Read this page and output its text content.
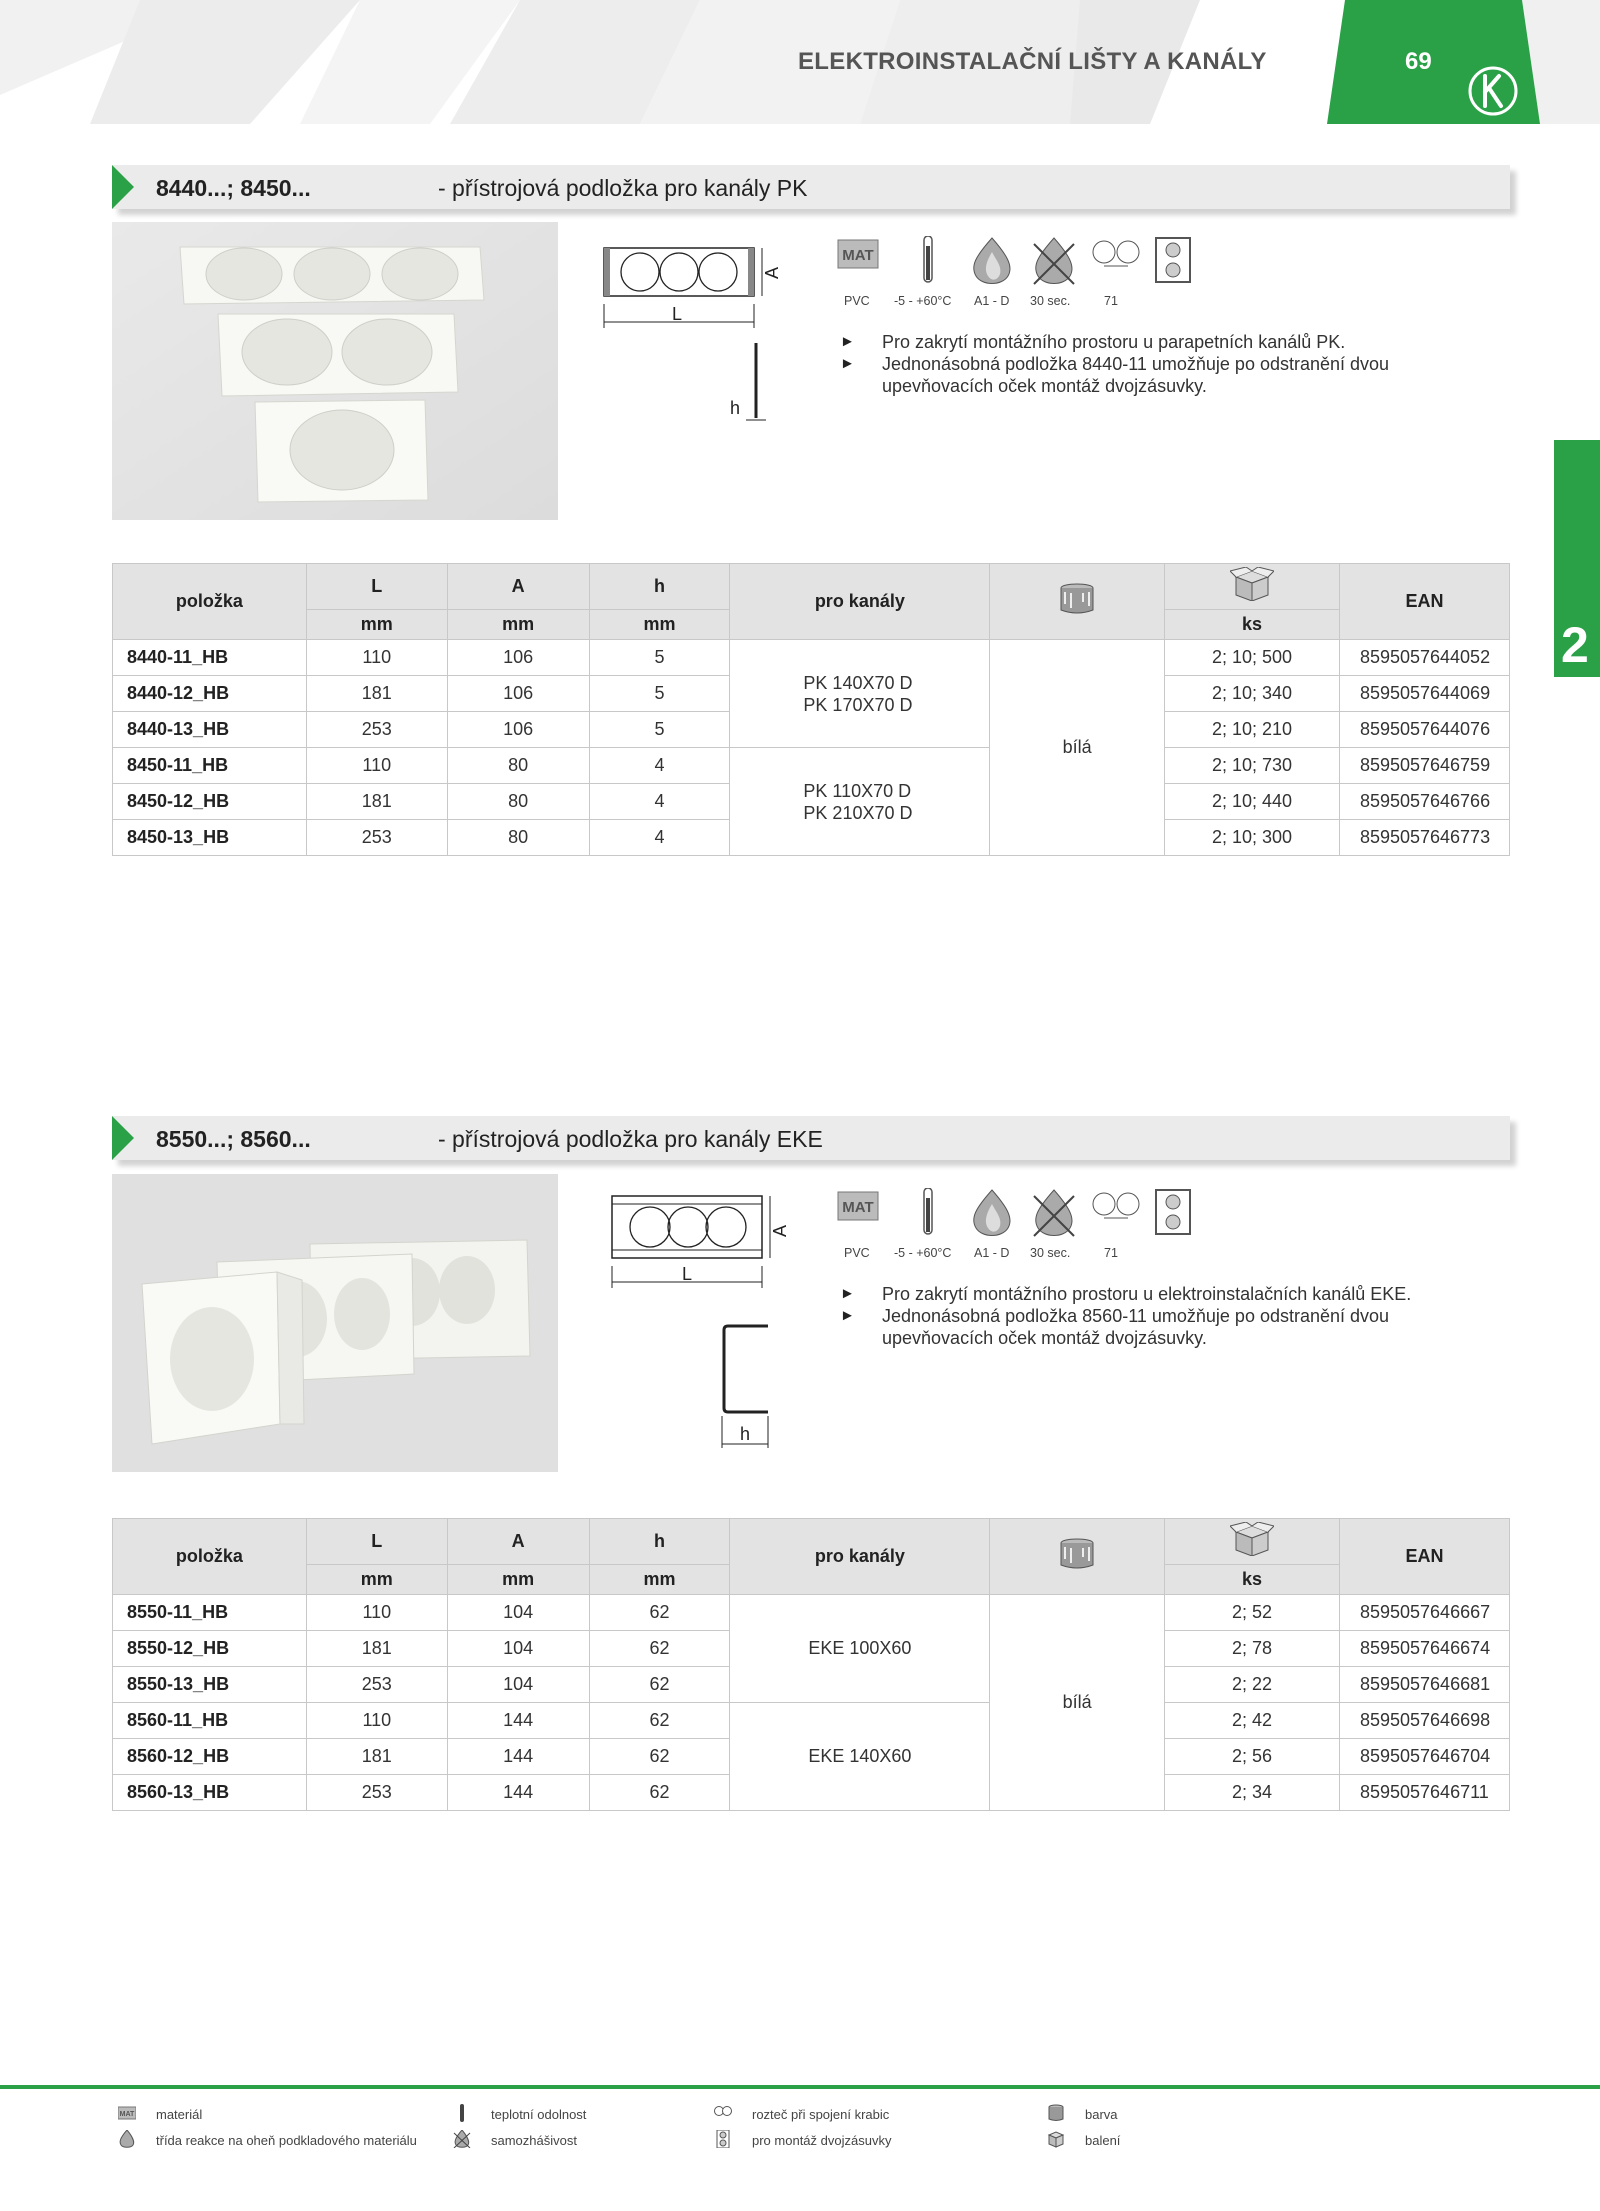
ELEKTROINSTALAČNÍ LIŠTY A KANÁLY	69
2
8440...; 8450...	- přístrojová podložka pro kanály PK
A
L
h
MAT
PVC -5 - +60°C A1 - D 30 sec.	71
► Pro zakrytí montážního prostoru u parapetních kanálů PK.
► Jednonásobná podložka 8440-11 umožňuje po odstranění dvou upevňovacích oček montáž dvojzásuvky.
položka	L	A	h	pro kanály			EAN
	mm	mm	mm			ks	
8440-11_HB	110	106	5	PK 140X70 D
PK 170X70 D	bílá	2; 10; 500	8595057644052
8440-12_HB	181	106	5			2; 10; 340	8595057644069
8440-13_HB	253	106	5			2; 10; 210	8595057644076
8450-11_HB	110	80	4	PK 110X70 D
PK 210X70 D		2; 10; 730	8595057646759
8450-12_HB	181	80	4			2; 10; 440	8595057646766
8450-13_HB	253	80	4			2; 10; 300	8595057646773
8550...; 8560...	- přístrojová podložka pro kanály EKE
A
L
h
MAT
PVC -5 - +60°C A1 - D 30 sec.	71
► Pro zakrytí montážního prostoru u elektroinstalačních kanálů EKE.
► Jednonásobná podložka 8560-11 umožňuje po odstranění dvou upevňovacích oček montáž dvojzásuvky.
položka	L	A	h	pro kanály			EAN
	mm	mm	mm			ks	
8550-11_HB	110	104	62	EKE 100X60	bílá	2; 52	8595057646667
8550-12_HB	181	104	62			2; 78	8595057646674
8550-13_HB	253	104	62			2; 22	8595057646681
8560-11_HB	110	144	62	EKE 140X60		2; 42	8595057646698
8560-12_HB	181	144	62			2; 56	8595057646704
8560-13_HB	253	144	62			2; 34	8595057646711
MAT materiál
třída reakce na oheň podkladového materiálu
teplotní odolnost
samozhášivost
rozteč při spojení krabic
pro montáž dvojzásuvky
barva
balení
